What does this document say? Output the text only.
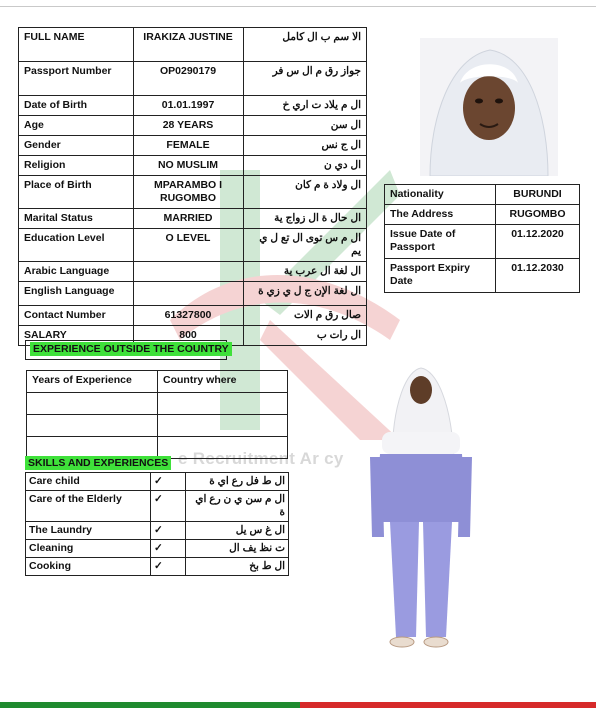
e Recruitment Ar cy
FULL NAME	IRAKIZA JUSTINE	الا سم ب ال كامل
Passport Number	OP0290179	جواز رق م ال س فر
Date of Birth	01.01.1997	ال م يلاد ت اري خ
Age	28 YEARS	ال سن
Gender	FEMALE	ال ج نس
Religion	NO MUSLIM	ال دي ن
Place of Birth	MPARAMBO I RUGOMBO	ال ولاد ة م كان
Marital Status	MARRIED	ال حال ة ال زواج ية
Education Level	O LEVEL	ال م س توى ال تع ل ي يم
Arabic Language		ال لغة ال عرب ية
English Language		ال لغة الإن ج ل ي زي ة
Contact Number	61327800	صال رق م الات
SALARY	800	ال رات ب
Nationality	BURUNDI
The Address	RUGOMBO
Issue Date of Passport	01.12.2020
Passport Expiry Date	01.12.2030
EXPERIENCE OUTSIDE THE COUNTRY
Years of Experience	Country where

SKILLS AND EXPERIENCES
Care child	✓	ال ط فل رع اي ة
Care of the Elderly	✓	ال م سن ي ن رع اي ة
The Laundry	✓	ال غ س يل
Cleaning	✓	ت نظ يف ال
Cooking	✓	ال ط بخ
